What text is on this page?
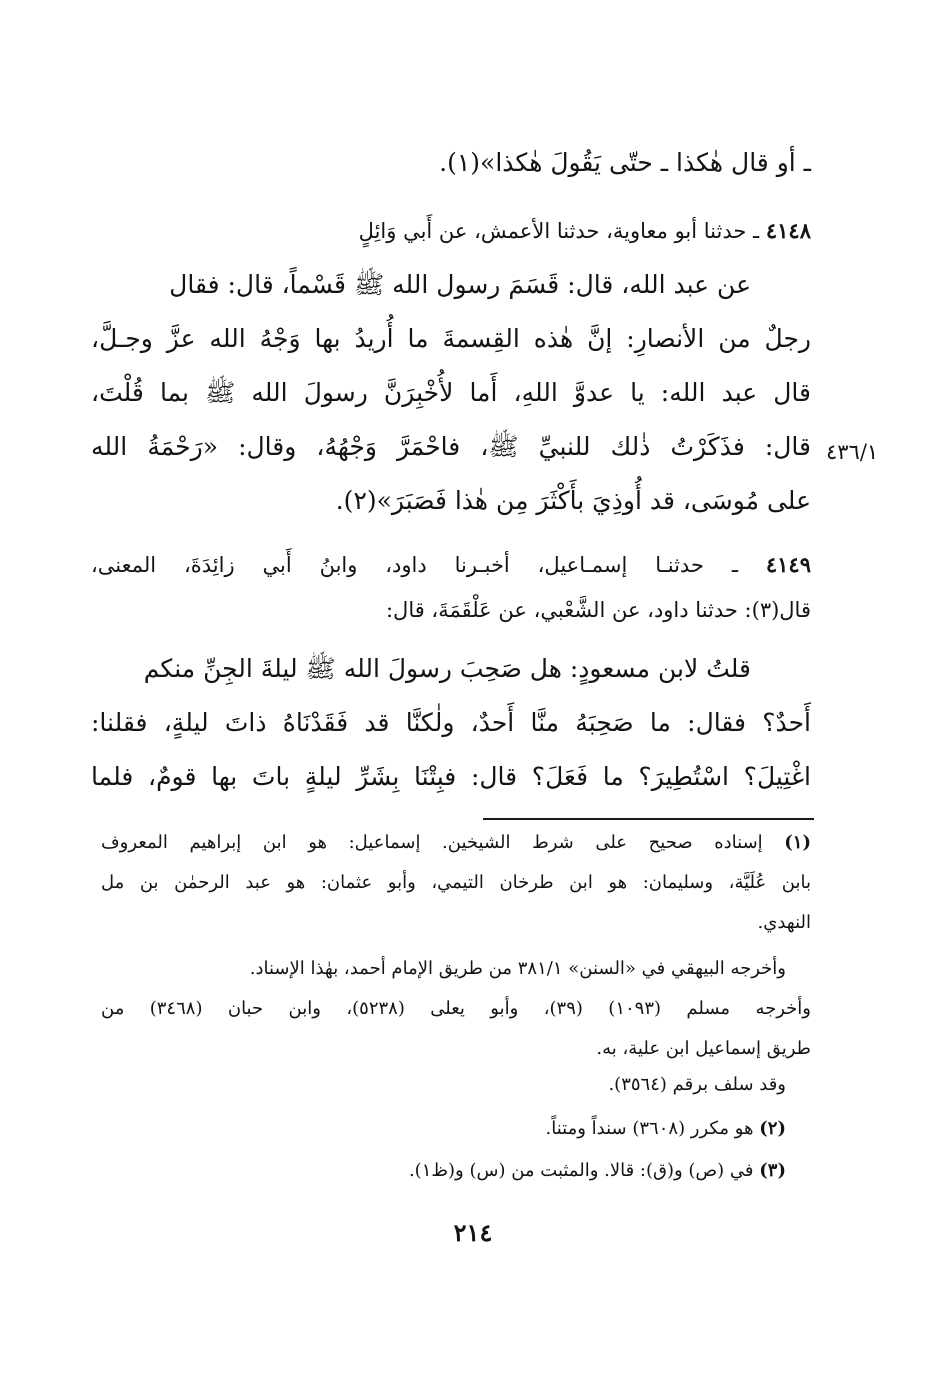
ـ أو قال هٰكذا ـ حتّى يَقُولَ هٰكذا»(١).
٤١٤٨ ـ حدثنا أبو معاوية، حدثنا الأعمش، عن أَبي وَائِلٍ
عن عبد الله، قال: قَسَمَ رسول الله ﷺ قَسْماً، قال: فقال
رجلٌ من الأنصارِ: إنَّ هٰذه القِسمةَ ما أُريدُ بها وَجْهُ الله عزَّ وجـلَّ،
قال عبد الله: يا عدوَّ اللهِ، أَما لأُخْبِرَنَّ رسولَ الله ﷺ بما قُلْتَ،
قال: فذَكَرْتُ ذٰلك للنبيِّ ﷺ، فاحْمَرَّ وَجْهُهُ، وقال: «رَحْمَةُ الله
على مُوسَى، قد أُوذِيَ بأَكْثَرَ مِن هٰذا فَصَبَرَ»(٢).
٤٣٦/١
٤١٤٩ ـ حدثنـا إسمـاعيل، أخبـرنا داود، وابنُ أَبي زائِدَةَ، المعنى،
قال(٣): حدثنا داود، عن الشَّعْبي، عن عَلْقَمَةَ، قال:
قلتُ لابن مسعودٍ: هل صَحِبَ رسولَ الله ﷺ ليلةَ الجِنِّ منكم
أَحدٌ؟ فقال: ما صَحِبَهُ منَّا أَحدٌ، ولٰكنَّا قد فَقَدْنَاهُ ذاتَ ليلةٍ، فقلنا:
اغْتِيلَ؟ اسْتُطِيرَ؟ ما فَعَلَ؟ قال: فبِتْنَا بِشَرِّ ليلةٍ باتَ بها قومٌ، فلما
(١) إسناده صحيح على شرط الشيخين. إسماعيل: هو ابن إبراهيم المعروف
بابن عُلَيَّة، وسليمان: هو ابن طرخان التيمي، وأبو عثمان: هو عبد الرحمٰن بن مل
النهدي.
وأخرجه البيهقي في «السنن» ٣٨١/١ من طريق الإمام أحمد، بهٰذا الإسناد.
وأخرجه مسلم (١٠٩٣) (٣٩)، وأبو يعلى (٥٢٣٨)، وابن حبان (٣٤٦٨) من
طريق إسماعيل ابن علية، به.
وقد سلف برقم (٣٥٦٤).
(٢) هو مكرر (٣٦٠٨) سنداً ومتناً.
(٣) في (ص) و(ق): قالا. والمثبت من (س) و(ظ١).
٢١٤
